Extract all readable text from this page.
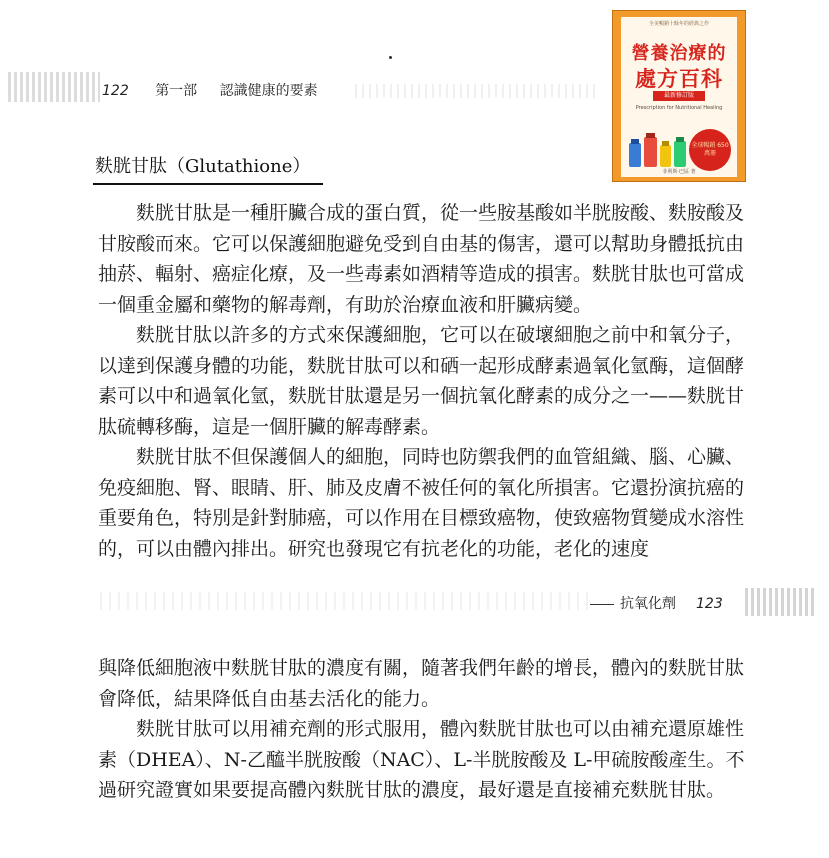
122 第一部 認識健康的要素
全美暢銷十餘年的經典之作
營養治療的
處方百科
最新修訂版
Prescription for Nutritional Healing
全球暢銷 650萬冊
菲利斯·巴區 著
麩胱甘肽（Glutathione）

麩胱甘肽是一種肝臟合成的蛋白質，從一些胺基酸如半胱胺酸、麩胺酸及甘胺酸而來。它可以保護細胞避免受到自由基的傷害，還可以幫助身體抵抗由抽菸、輻射、癌症化療，及一些毒素如酒精等造成的損害。麩胱甘肽也可當成一個重金屬和藥物的解毒劑，有助於治療血液和肝臟病變。

麩胱甘肽以許多的方式來保護細胞，它可以在破壞細胞之前中和氧分子，以達到保護身體的功能，麩胱甘肽可以和硒一起形成酵素過氧化氫酶，這個酵素可以中和過氧化氫，麩胱甘肽還是另一個抗氧化酵素的成分之一——麩胱甘肽硫轉移酶，這是一個肝臟的解毒酵素。

麩胱甘肽不但保護個人的細胞，同時也防禦我們的血管組織、腦、心臟、免疫細胞、腎、眼睛、肝、肺及皮膚不被任何的氧化所損害。它還扮演抗癌的重要角色，特別是針對肺癌，可以作用在目標致癌物，使致癌物質變成水溶性的，可以由體內排出。研究也發現它有抗老化的功能，老化的速度

抗氧化劑 123

與降低細胞液中麩胱甘肽的濃度有關，隨著我們年齡的增長，體內的麩胱甘肽會降低，結果降低自由基去活化的能力。

麩胱甘肽可以用補充劑的形式服用，體內麩胱甘肽也可以由補充還原雄性素（DHEA）、N-乙醯半胱胺酸（NAC）、L-半胱胺酸及 L-甲硫胺酸產生。不過研究證實如果要提高體內麩胱甘肽的濃度，最好還是直接補充麩胱甘肽。
